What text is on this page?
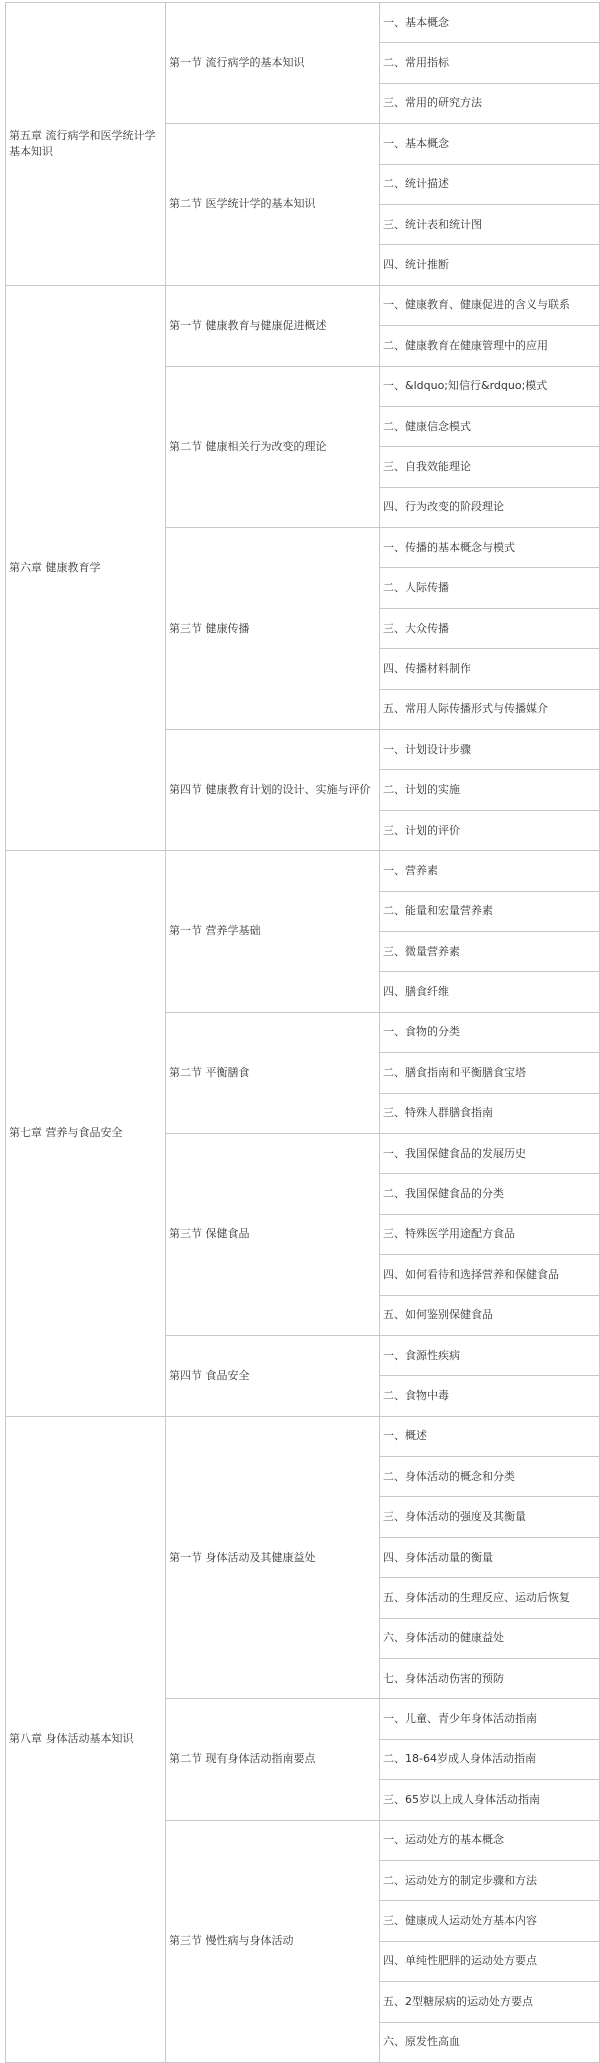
第五章 流行病学和医学统计学基本知识	第一节 流行病学的基本知识	一、基本概念
		二、常用指标
		三、常用的研究方法
	第二节 医学统计学的基本知识	一、基本概念
		二、统计描述
		三、统计表和统计图
		四、统计推断
第六章 健康教育学	第一节 健康教育与健康促进概述	一、健康教育、健康促进的含义与联系
		二、健康教育在健康管理中的应用
	第二节 健康相关行为改变的理论	一、&ldquo;知信行&rdquo;模式
		二、健康信念模式
		三、自我效能理论
		四、行为改变的阶段理论
	第三节 健康传播	一、传播的基本概念与模式
		二、人际传播
		三、大众传播
		四、传播材料制作
		五、常用人际传播形式与传播媒介
	第四节 健康教育计划的设计、实施与评价	一、计划设计步骤
		二、计划的实施
		三、计划的评价
第七章 营养与食品安全	第一节 营养学基础	一、营养素
		二、能量和宏量营养素
		三、微量营养素
		四、膳食纤维
	第二节 平衡膳食	一、食物的分类
		二、膳食指南和平衡膳食宝塔
		三、特殊人群膳食指南
	第三节 保健食品	一、我国保健食品的发展历史
		二、我国保健食品的分类
		三、特殊医学用途配方食品
		四、如何看待和选择营养和保健食品
		五、如何鉴别保健食品
	第四节 食品安全	一、食源性疾病
		二、食物中毒
第八章 身体活动基本知识	第一节 身体活动及其健康益处	一、概述
		二、身体活动的概念和分类
		三、身体活动的强度及其衡量
		四、身体活动量的衡量
		五、身体活动的生理反应、运动后恢复
		六、身体活动的健康益处
		七、身体活动伤害的预防
	第二节 现有身体活动指南要点	一、儿童、青少年身体活动指南
		二、18-64岁成人身体活动指南
		三、65岁以上成人身体活动指南
	第三节 慢性病与身体活动	一、运动处方的基本概念
		二、运动处方的制定步骤和方法
		三、健康成人运动处方基本内容
		四、单纯性肥胖的运动处方要点
		五、2型糖尿病的运动处方要点
		六、原发性高血
